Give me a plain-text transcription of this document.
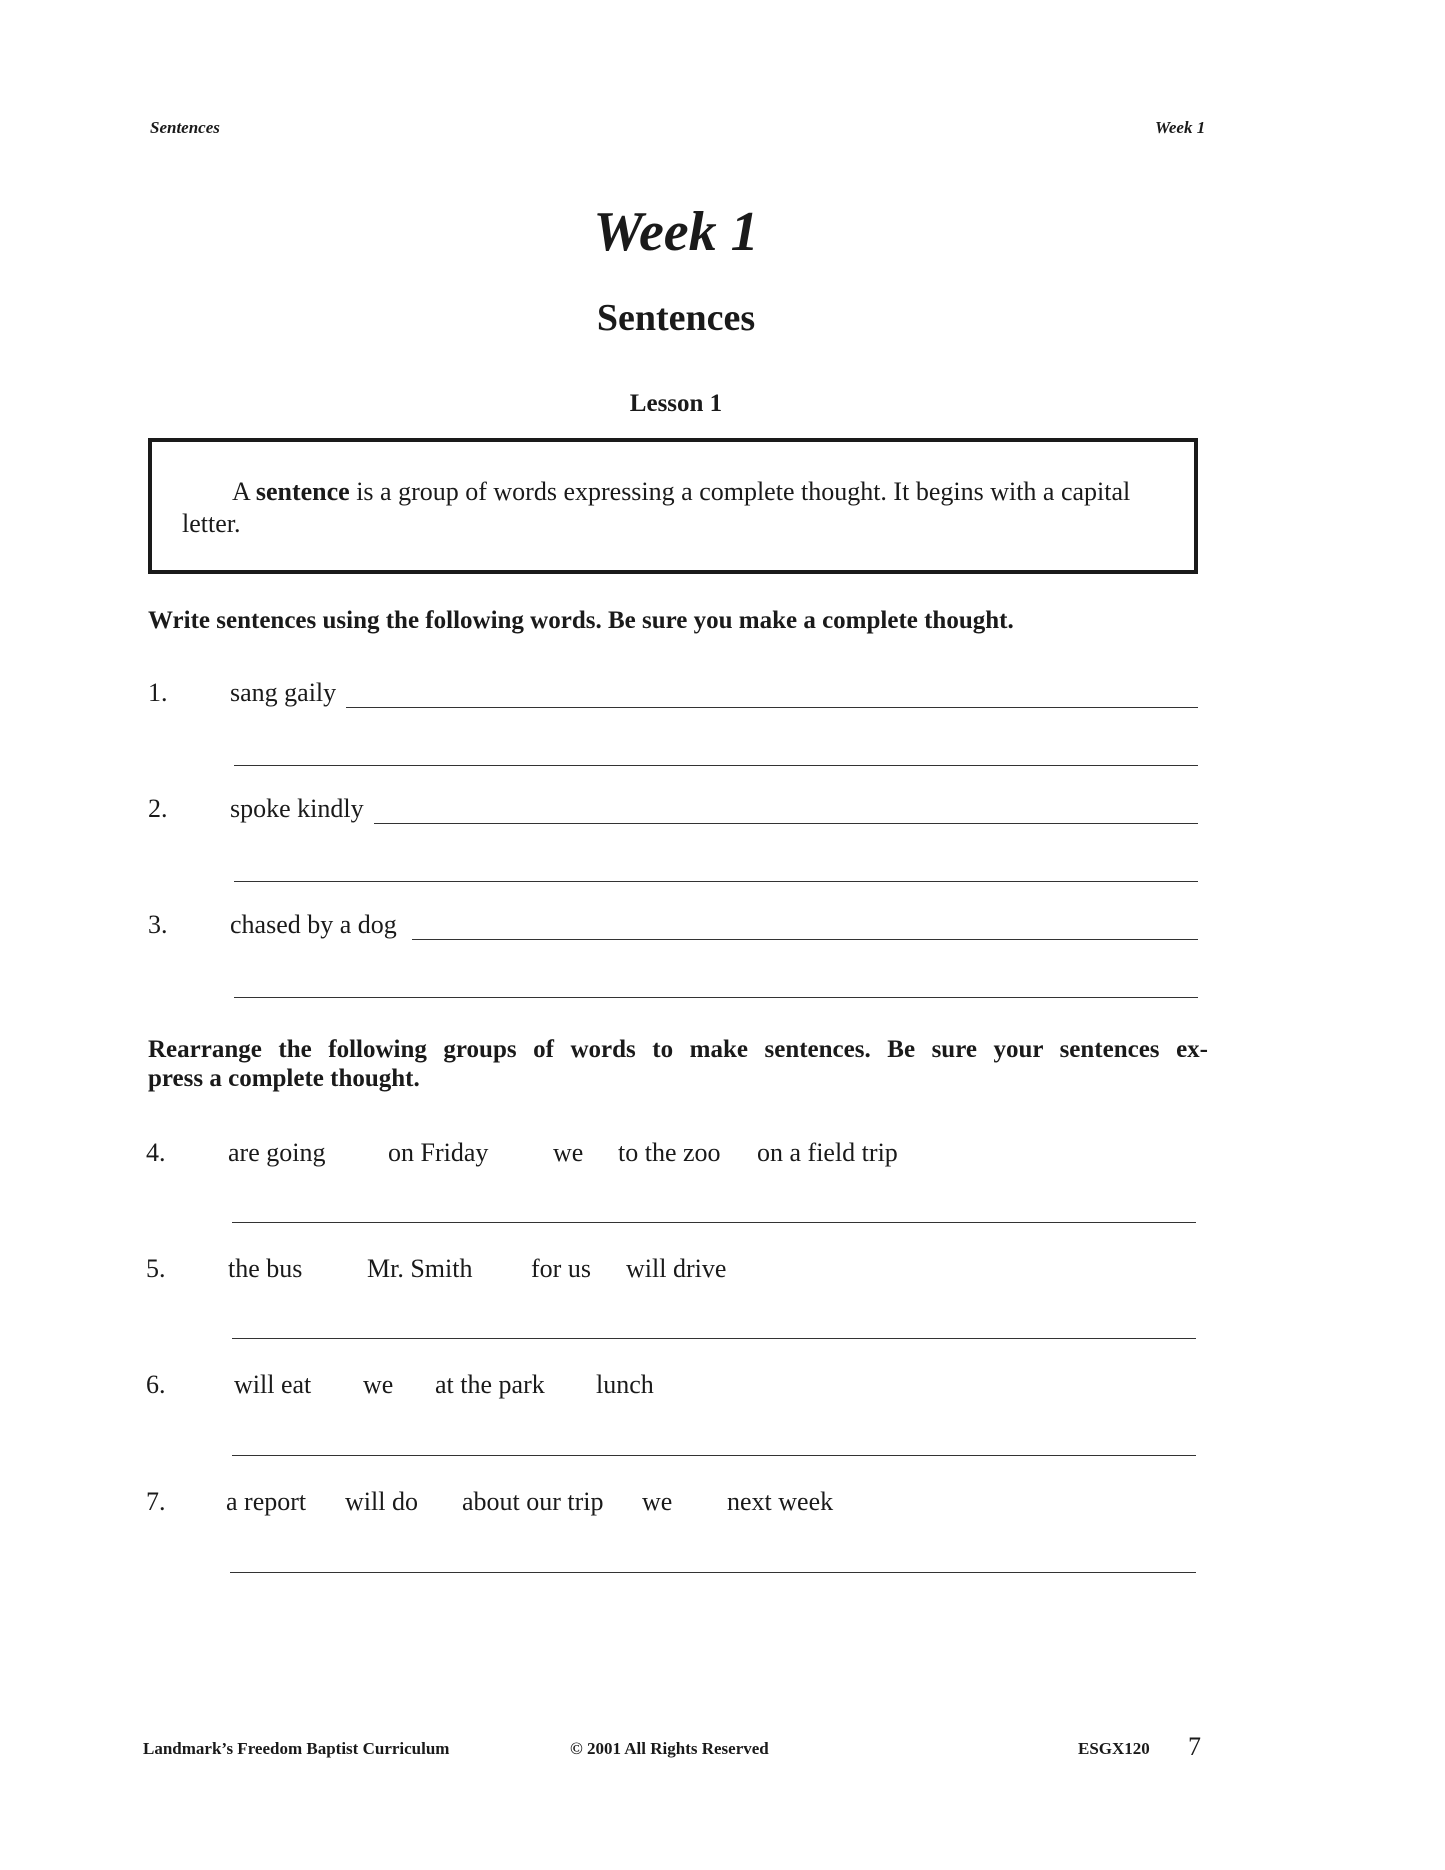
Sentences	Week 1
Week 1
Sentences
Lesson 1
A sentence is a group of words expressing a complete thought. It begins with a capital
letter.
Write sentences using the following words. Be sure you make a complete thought.
1. sang gaily
2. spoke kindly
3. chased by a dog
Rearrange the following groups of words to make sentences. Be sure your sentences ex-
press a complete thought.
4. are going on Friday we to the zoo on a field trip
5. the bus Mr. Smith for us will drive
6.	will eat we at the park lunch
7. a report will do about our trip we next week
Landmark’s Freedom Baptist Curriculum	© 2001 All Rights Reserved	ESGX120 7
